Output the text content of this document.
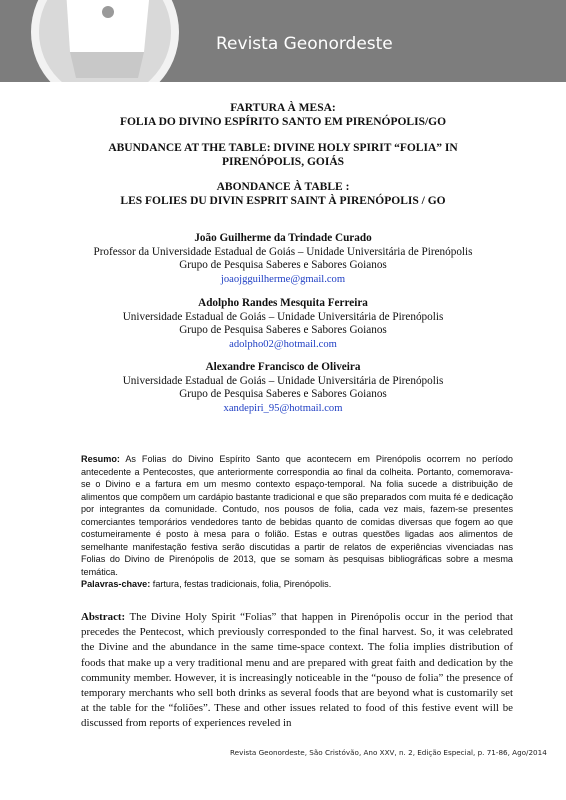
Revista Geonordeste
FARTURA À MESA:
FOLIA DO DIVINO ESPÍRITO SANTO EM PIRENÓPOLIS/GO
ABUNDANCE AT THE TABLE: DIVINE HOLY SPIRIT “FOLIA” IN
PIRENÓPOLIS, GOIÁS
ABONDANCE À TABLE :
LES FOLIES DU DIVIN ESPRIT SAINT À PIRENÓPOLIS / GO
João Guilherme da Trindade Curado
Professor da Universidade Estadual de Goiás – Unidade Universitária de Pirenópolis
Grupo de Pesquisa Saberes e Sabores Goianos
joaojgguilherme@gmail.com
Adolpho Randes Mesquita Ferreira
Universidade Estadual de Goiás – Unidade Universitária de Pirenópolis
Grupo de Pesquisa Saberes e Sabores Goianos
adolpho02@hotmail.com
Alexandre Francisco de Oliveira
Universidade Estadual de Goiás – Unidade Universitária de Pirenópolis
Grupo de Pesquisa Saberes e Sabores Goianos
xandepiri_95@hotmail.com
Resumo: As Folias do Divino Espírito Santo que acontecem em Pirenópolis ocorrem no período antecedente a Pentecostes, que anteriormente correspondia ao final da colheita. Portanto, comemorava-se o Divino e a fartura em um mesmo contexto espaço-temporal. Na folia sucede a distribuição de alimentos que compõem um cardápio bastante tradicional e que são preparados com muita fé e dedicação por integrantes da comunidade. Contudo, nos pousos de folia, cada vez mais, fazem-se presentes comerciantes temporários vendedores tanto de bebidas quanto de comidas diversas que fogem ao que costumeiramente é posto à mesa para o folião. Estas e outras questões ligadas aos alimentos de semelhante manifestação festiva serão discutidas a partir de relatos de experiências vivenciadas nas Folias do Divino de Pirenópolis de 2013, que se somam às pesquisas bibliográficas sobre a mesma temática.
Palavras-chave: fartura, festas tradicionais, folia, Pirenópolis.
Abstract: The Divine Holy Spirit “Folias” that happen in Pirenópolis occur in the period that precedes the Pentecost, which previously corresponded to the final harvest. So, it was celebrated the Divine and the abundance in the same time-space context. The folia implies distribution of foods that make up a very traditional menu and are prepared with great faith and dedication by the community member. However, it is increasingly noticeable in the “pouso de folia” the presence of temporary merchants who sell both drinks as several foods that are beyond what is customarily set at the table for the “foliões”. These and other issues related to food of this festive event will be discussed from reports of experiences reveled in
Revista Geonordeste, São Cristóvão, Ano XXV, n. 2, Edição Especial, p. 71-86, Ago/2014
